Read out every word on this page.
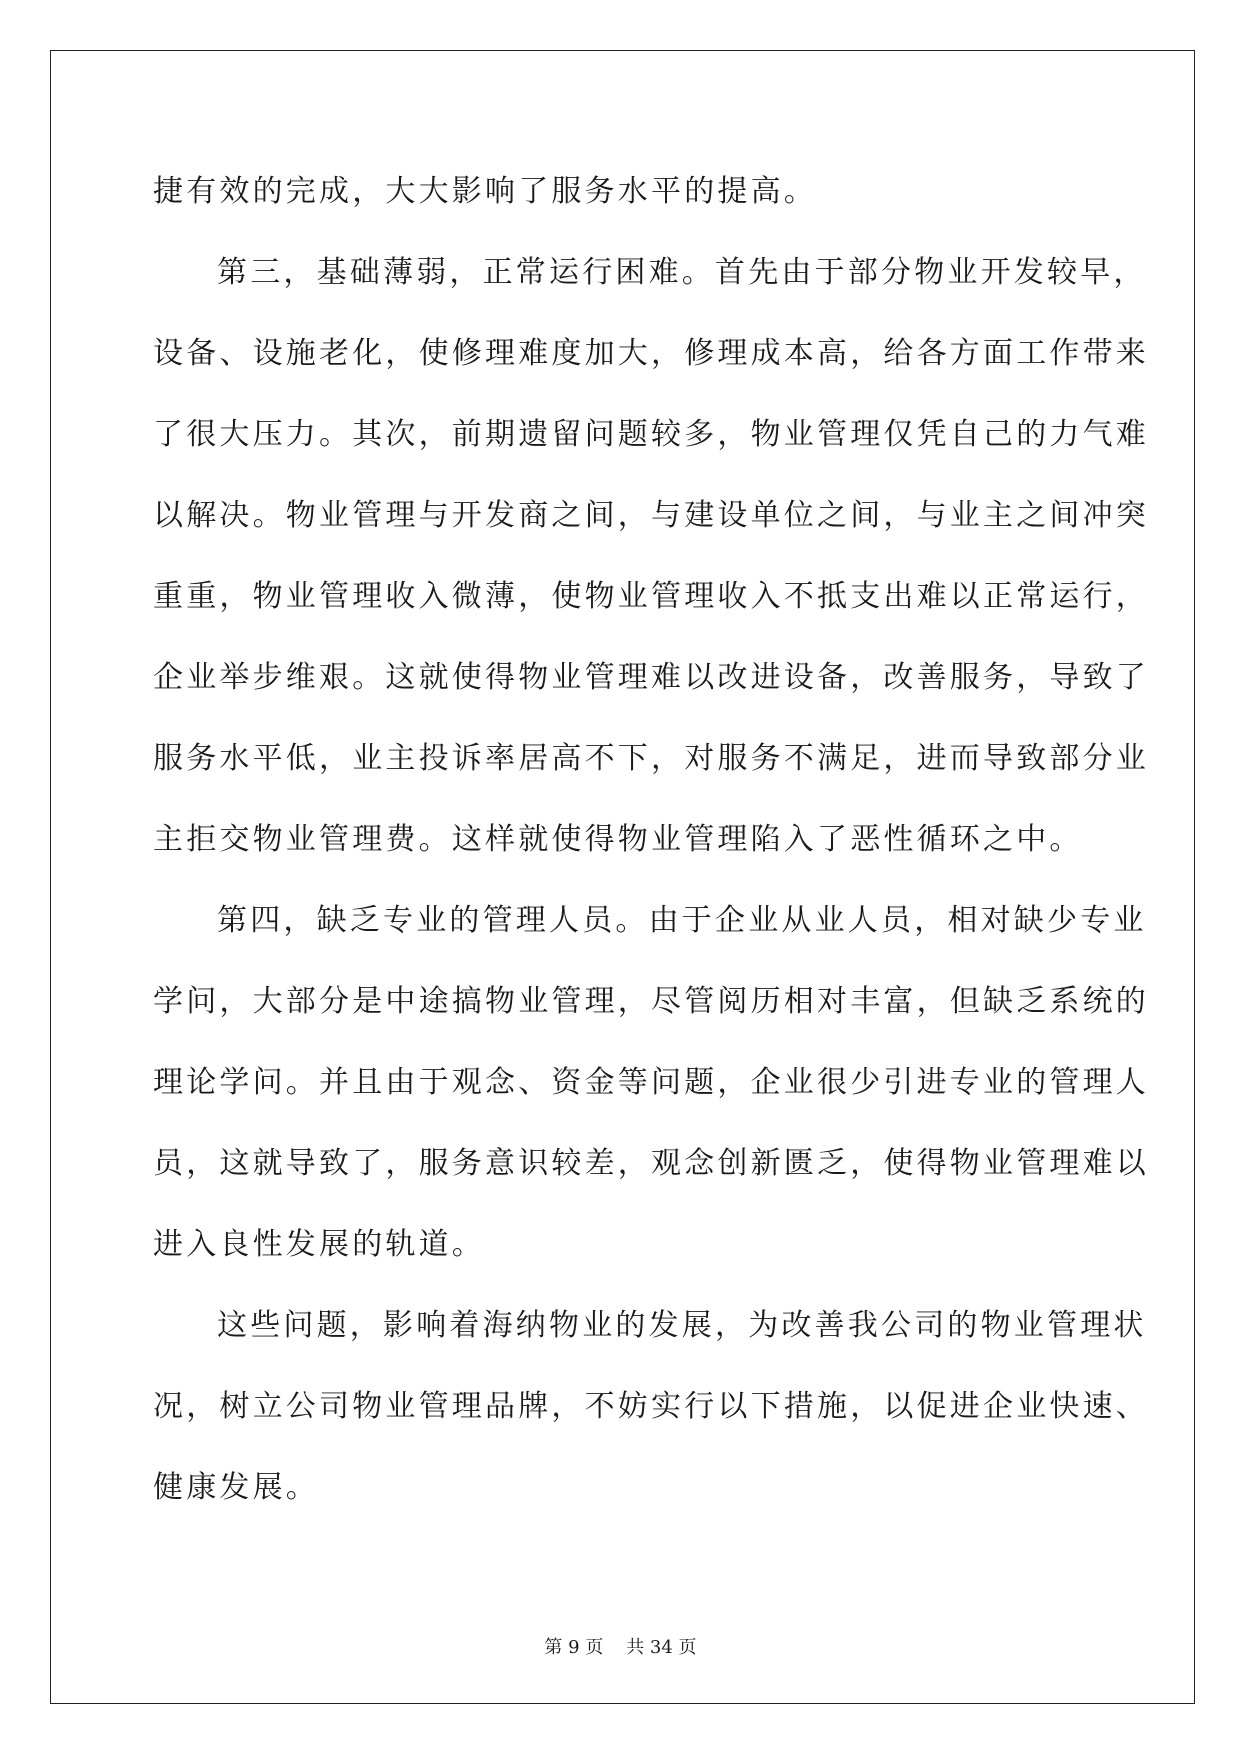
捷有效的完成，大大影响了服务水平的提高。
第三，基础薄弱，正常运行困难。首先由于部分物业开发较早，
设备、设施老化，使修理难度加大，修理成本高，给各方面工作带来
了很大压力。其次，前期遗留问题较多，物业管理仅凭自己的力气难
以解决。物业管理与开发商之间，与建设单位之间，与业主之间冲突
重重，物业管理收入微薄，使物业管理收入不抵支出难以正常运行，
企业举步维艰。这就使得物业管理难以改进设备，改善服务，导致了
服务水平低，业主投诉率居高不下，对服务不满足，进而导致部分业
主拒交物业管理费。这样就使得物业管理陷入了恶性循环之中。
第四，缺乏专业的管理人员。由于企业从业人员，相对缺少专业
学问，大部分是中途搞物业管理，尽管阅历相对丰富，但缺乏系统的
理论学问。并且由于观念、资金等问题，企业很少引进专业的管理人
员，这就导致了，服务意识较差，观念创新匮乏，使得物业管理难以
进入良性发展的轨道。
这些问题，影响着海纳物业的发展，为改善我公司的物业管理状
况，树立公司物业管理品牌，不妨实行以下措施，以促进企业快速、
健康发展。
第 9 页    共 34 页
